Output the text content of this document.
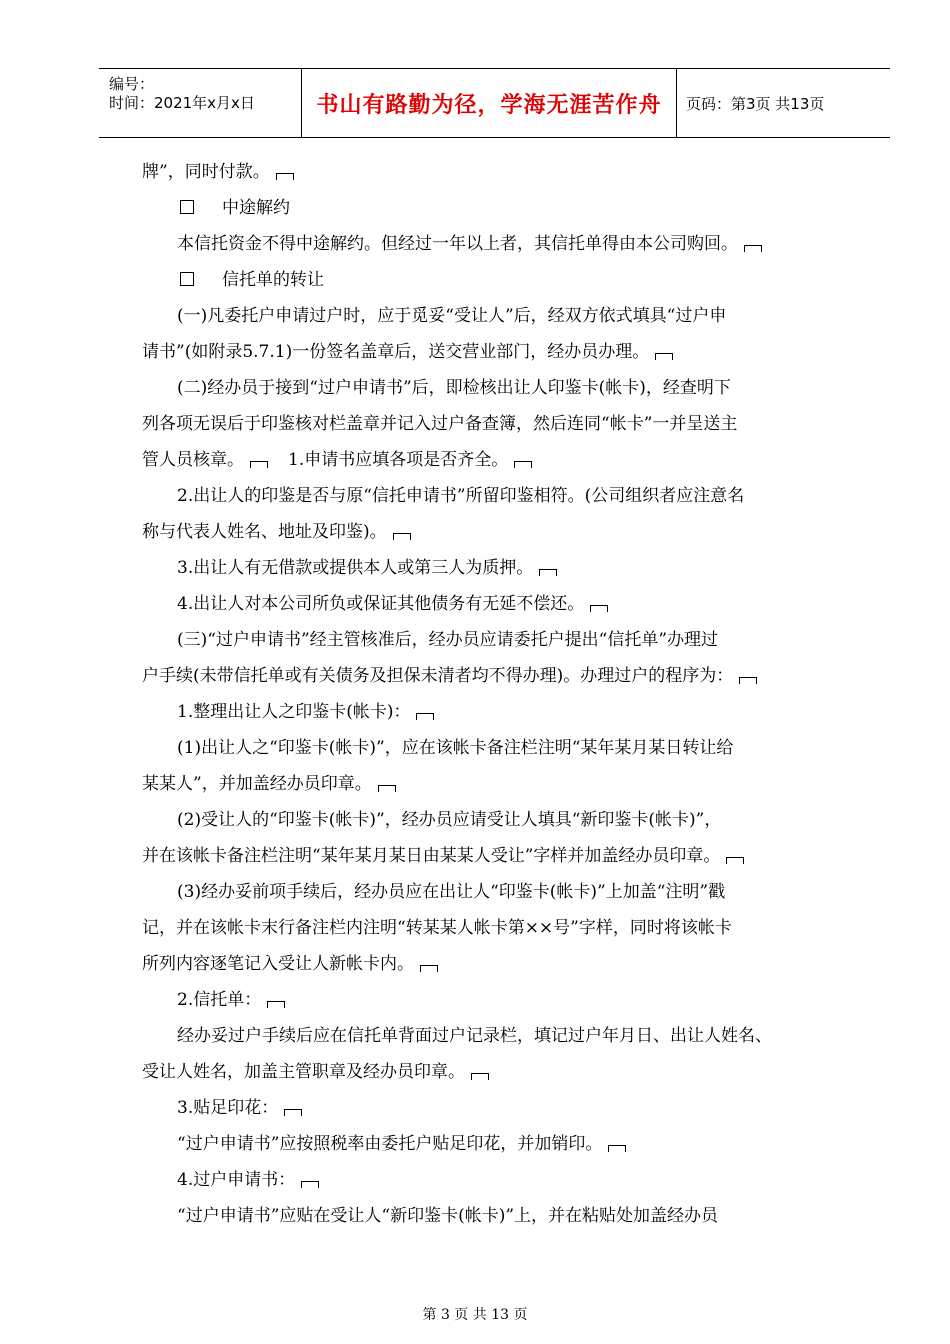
编号：
时间：2021年x月x日	书山有路勤为径，学海无涯苦作舟 页码：第3页 共13页
牌”，同时付款。
中途解约
本信托资金不得中途解约。但经过一年以上者，其信托单得由本公司购回。
信托单的转让
(一)凡委托户申请过户时，应于觅妥“受让人”后，经双方依式填具“过户申
请书”(如附录5.7.1)一份签名盖章后，送交营业部门，经办员办理。
(二)经办员于接到“过户申请书”后，即检核出让人印鉴卡(帐卡)，经查明下
列各项无误后于印鉴核对栏盖章并记入过户备查簿，然后连同“帐卡”一并呈送主
管人员核章。	1.申请书应填各项是否齐全。
2.出让人的印鉴是否与原“信托申请书”所留印鉴相符。(公司组织者应注意名
称与代表人姓名、地址及印鉴)。
3.出让人有无借款或提供本人或第三人为质押。
4.出让人对本公司所负或保证其他债务有无延不偿还。
(三)“过户申请书”经主管核准后，经办员应请委托户提出“信托单”办理过
户手续(未带信托单或有关债务及担保未清者均不得办理)。办理过户的程序为：
1.整理出让人之印鉴卡(帐卡)：
(1)出让人之“印鉴卡(帐卡)”，应在该帐卡备注栏注明“某年某月某日转让给
某某人”，并加盖经办员印章。
(2)受让人的“印鉴卡(帐卡)”，经办员应请受让人填具“新印鉴卡(帐卡)”，
并在该帐卡备注栏注明“某年某月某日由某某人受让”字样并加盖经办员印章。
(3)经办妥前项手续后，经办员应在出让人“印鉴卡(帐卡)”上加盖“注明”戳
记，并在该帐卡末行备注栏内注明“转某某人帐卡第××号”字样，同时将该帐卡
所列内容逐笔记入受让人新帐卡内。
2.信托单：
经办妥过户手续后应在信托单背面过户记录栏，填记过户年月日、出让人姓名、
受让人姓名，加盖主管职章及经办员印章。
3.贴足印花：
“过户申请书”应按照税率由委托户贴足印花，并加销印。
4.过户申请书：
“过户申请书”应贴在受让人“新印鉴卡(帐卡)”上，并在粘贴处加盖经办员
第 3 页 共 13 页
